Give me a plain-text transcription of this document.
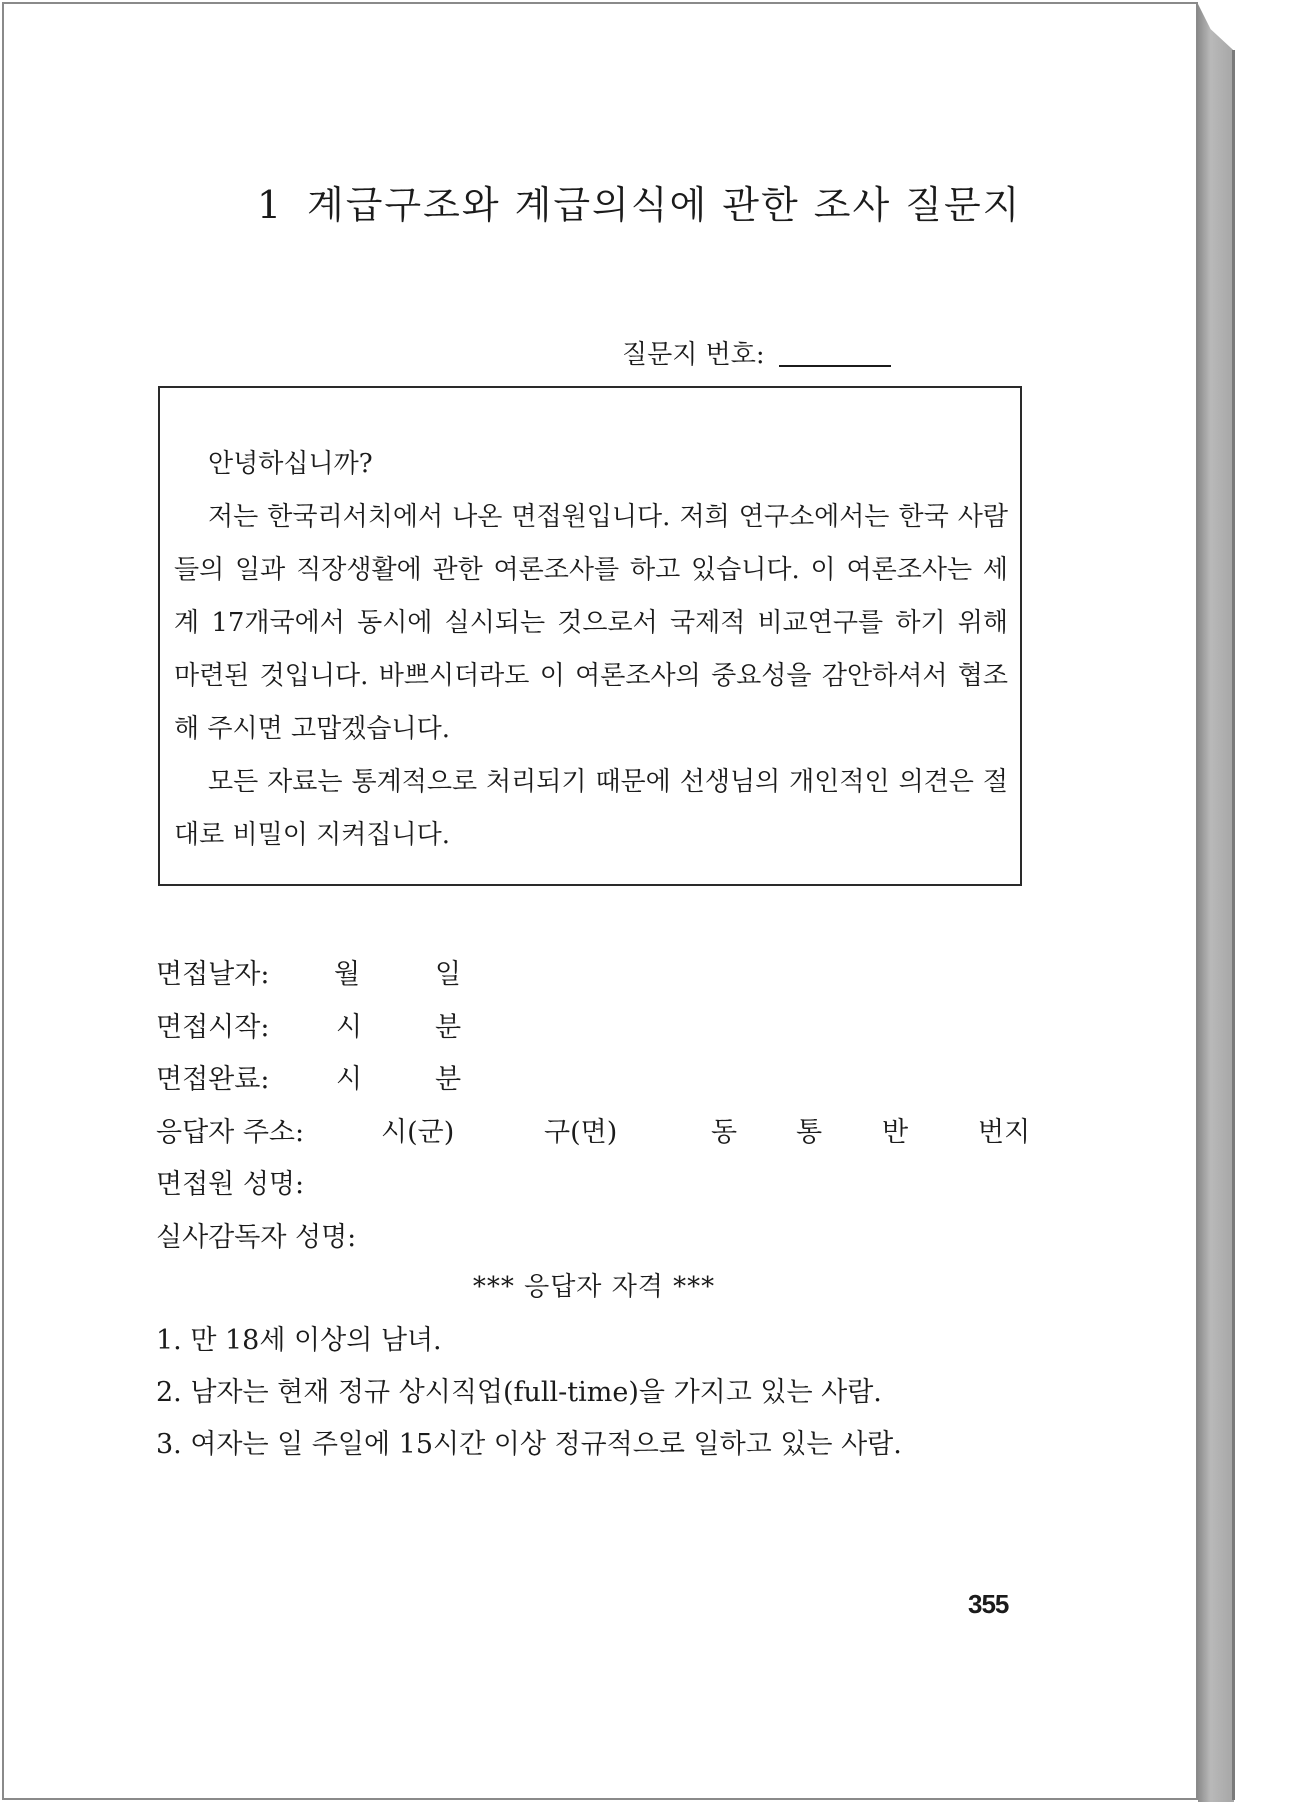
1 계급구조와 계급의식에 관한 조사 질문지
질문지 번호:

안녕하십니까?

저는 한국리서치에서 나온 면접원입니다. 저희 연구소에서는 한국 사람들의 일과 직장생활에 관한 여론조사를 하고 있습니다. 이 여론조사는 세계 17개국에서 동시에 실시되는 것으로서 국제적 비교연구를 하기 위해 마련된 것입니다. 바쁘시더라도 이 여론조사의 중요성을 감안하셔서 협조해 주시면 고맙겠습니다.

모든 자료는 통계적으로 처리되기 때문에 선생님의 개인적인 의견은 절대로 비밀이 지켜집니다.

면접날자: 월	일
면접시작: 시	분
면접완료: 시	분
응답자 주소:	시(군)	구(면)	동 통 반	번지
면접원 성명:
실사감독자 성명:
*** 응답자 자격 ***
1. 만 18세 이상의 남녀.
2. 남자는 현재 정규 상시직업(full-time)을 가지고 있는 사람.
3. 여자는 일 주일에 15시간 이상 정규적으로 일하고 있는 사람.
355
